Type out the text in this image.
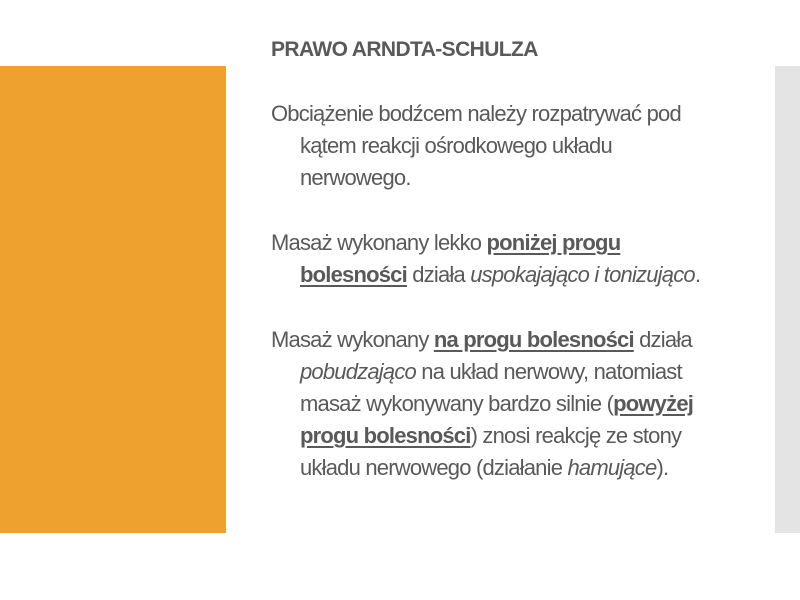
PRAWO ARNDTA-SCHULZA

Obciążenie bodźcem należy rozpatrywać pod kątem reakcji ośrodkowego układu nerwowego.

Masaż wykonany lekko poniżej progu bolesności działa uspokajająco i tonizująco.

Masaż wykonany na progu bolesności działa pobudzająco na układ nerwowy, natomiast masaż wykonywany bardzo silnie (powyżej progu bolesności) znosi reakcję ze stony układu nerwowego (działanie hamujące).
